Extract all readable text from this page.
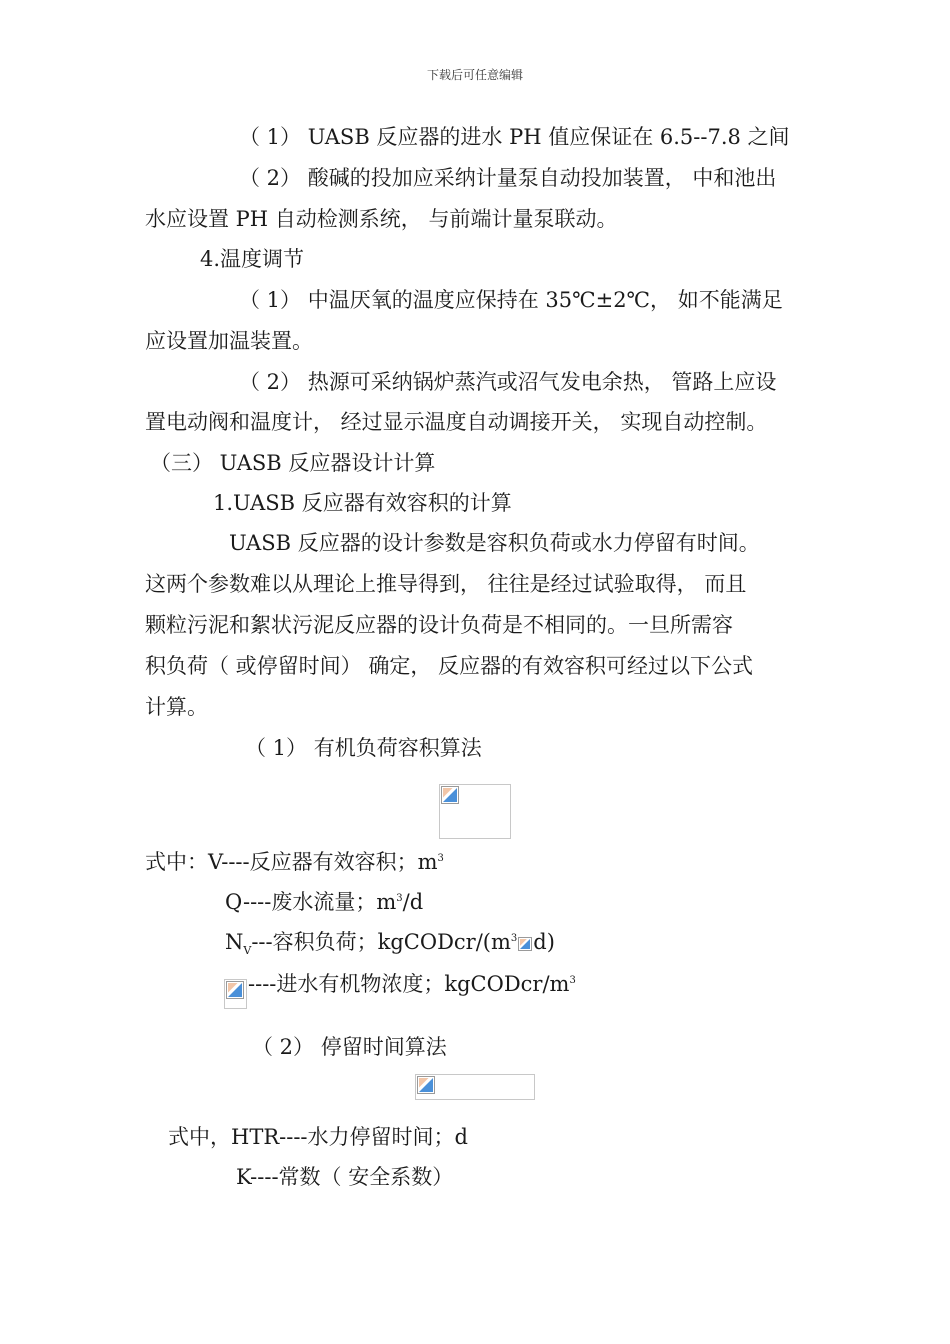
下载后可任意编辑
（ 1） UASB 反应器的进水 PH 值应保证在 6.5--7.8 之间
（ 2） 酸碱的投加应采纳计量泵自动投加装置， 中和池出
水应设置 PH 自动检测系统， 与前端计量泵联动。
4.温度调节
（ 1） 中温厌氧的温度应保持在 35℃±2℃， 如不能满足
应设置加温装置。
（ 2） 热源可采纳锅炉蒸汽或沼气发电余热， 管路上应设
置电动阀和温度计， 经过显示温度自动调接开关， 实现自动控制。
（三） UASB 反应器设计计算
1.UASB 反应器有效容积的计算
UASB 反应器的设计参数是容积负荷或水力停留有时间。
这两个参数难以从理论上推导得到， 往往是经过试验取得， 而且
颗粒污泥和絮状污泥反应器的设计负荷是不相同的。一旦所需容
积负荷（ 或停留时间） 确定， 反应器的有效容积可经过以下公式
计算。
（ 1） 有机负荷容积算法
式中：V----反应器有效容积；$m^3$
Q----废水流量；$m^3/d$
$N_V---$容积负荷；kgCODcr/($m^3$ d)
----进水有机物浓度；kgCODcr/$m^3$
（ 2） 停留时间算法
式中，HTR----水力停留时间；d
K----常数（ 安全系数）
